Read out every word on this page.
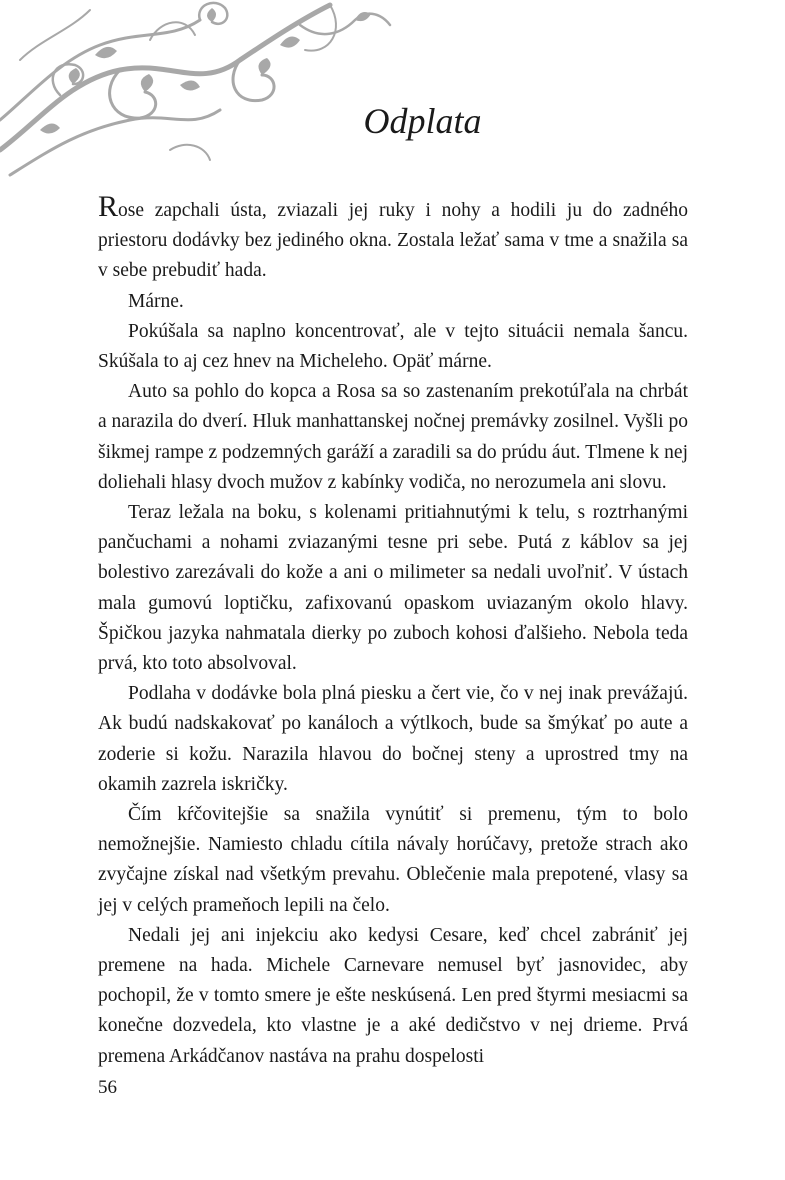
Odplata

Rose zapchali ústa, zviazali jej ruky i nohy a hodili ju do zadného priestoru dodávky bez jediného okna. Zostala ležať sama v tme a snažila sa v sebe prebudiť hada.

Márne.

Pokúšala sa naplno koncentrovať, ale v tejto situácii nemala šancu. Skúšala to aj cez hnev na Micheleho. Opäť márne.

Auto sa pohlo do kopca a Rosa sa so zastenaním prekotúľala na chrbát a narazila do dverí. Hluk manhattanskej nočnej premávky zosilnel. Vyšli po šikmej rampe z podzemných garáží a zaradili sa do prúdu áut. Tlmene k nej doliehali hlasy dvoch mužov z kabínky vodiča, no nerozumela ani slovu.

Teraz ležala na boku, s kolenami pritiahnutými k telu, s roztrhanými pančuchami a nohami zviazanými tesne pri sebe. Putá z káblov sa jej bolestivo zarezávali do kože a ani o milimeter sa nedali uvoľniť. V ústach mala gumovú loptičku, zafixovanú opaskom uviazaným okolo hlavy. Špičkou jazyka nahmatala dierky po zuboch kohosi ďalšieho. Nebola teda prvá, kto toto absolvoval.

Podlaha v dodávke bola plná piesku a čert vie, čo v nej inak prevážajú. Ak budú nadskakovať po kanáloch a výtlkoch, bude sa šmýkať po aute a zoderie si kožu. Narazila hlavou do bočnej steny a uprostred tmy na okamih zazrela iskričky.

Čím kŕčovitejšie sa snažila vynútiť si premenu, tým to bolo nemožnejšie. Namiesto chladu cítila návaly horúčavy, pretože strach ako zvyčajne získal nad všetkým prevahu. Oblečenie mala prepotené, vlasy sa jej v celých prameňoch lepili na čelo.

Nedali jej ani injekciu ako kedysi Cesare, keď chcel zabrániť jej premene na hada. Michele Carnevare nemusel byť jasnovidec, aby pochopil, že v tomto smere je ešte neskúsená. Len pred štyrmi mesiacmi sa konečne dozvedela, kto vlastne je a aké dedičstvo v nej drieme. Prvá premena Arkádčanov nastáva na prahu dospelosti

56
